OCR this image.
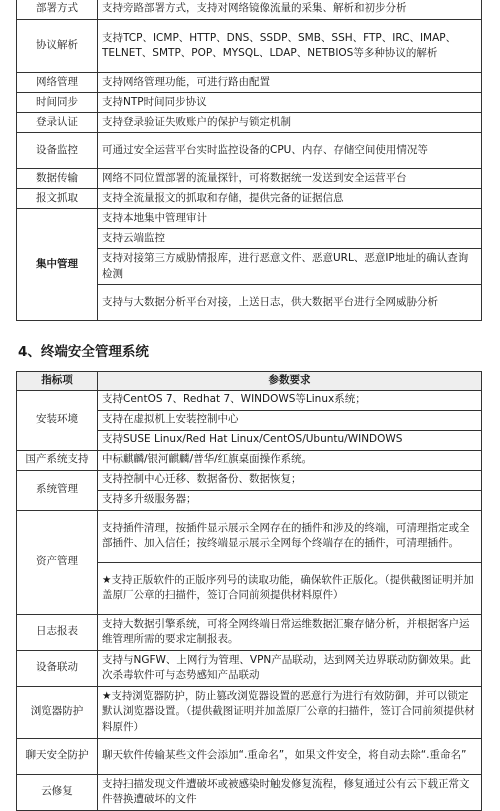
部署方式	支持旁路部署方式，支持对网络镜像流量的采集、解析和初步分析
协议解析	支持TCP、ICMP、HTTP、DNS、SSDP、SMB、SSH、FTP、IRC、IMAP、TELNET、SMTP、POP、MYSQL、LDAP、NETBIOS等多种协议的解析
网络管理	支持网络管理功能，可进行路由配置
时间同步	支持NTP时间同步协议
登录认证	支持登录验证失败账户的保护与锁定机制
设备监控	可通过安全运营平台实时监控设备的CPU、内存、存储空间使用情况等
数据传输	网络不同位置部署的流量探针，可将数据统一发送到安全运营平台
报文抓取	支持全流量报文的抓取和存储，提供完备的证据信息
集中管理	支持本地集中管理审计
	支持云端监控
	支持对接第三方威胁情报库，进行恶意文件、恶意URL、恶意IP地址的确认查询检测
	支持与大数据分析平台对接，上送日志，供大数据平台进行全网威胁分析
4、终端安全管理系统
指标项	参数要求
安装环境	支持CentOS 7、Redhat 7、WINDOWS等Linux系统；
	支持在虚拟机上安装控制中心
	支持SUSE Linux/Red Hat Linux/CentOS/Ubuntu/WINDOWS
国产系统支持	中标麒麟/银河麒麟/普华/红旗桌面操作系统。
系统管理	支持控制中心迁移、数据备份、数据恢复；
	支持多升级服务器；
资产管理	支持插件清理，按插件显示展示全网存在的插件和涉及的终端，可清理指定或全部插件、加入信任；按终端显示展示全网每个终端存在的插件，可清理插件。
	★支持正版软件的正版序列号的读取功能，确保软件正版化。（提供截图证明并加盖原厂公章的扫描件，签订合同前须提供材料原件）
日志报表	支持大数据引擎系统，可将全网终端日常运维数据汇聚存储分析，并根据客户运维管理所需的要求定制报表。
设备联动	支持与NGFW、上网行为管理、VPN产品联动，达到网关边界联动防御效果。此次杀毒软件可与态势感知产品联动
浏览器防护	★支持浏览器防护，防止篡改浏览器设置的恶意行为进行有效防御，并可以锁定默认浏览器设置。（提供截图证明并加盖原厂公章的扫描件，签订合同前须提供材料原件）
聊天安全防护	聊天软件传输某些文件会添加“.重命名”，如果文件安全，将自动去除“.重命名”
云修复	支持扫描发现文件遭破坏或被感染时触发修复流程，修复通过公有云下载正常文件替换遭破坏的文件
